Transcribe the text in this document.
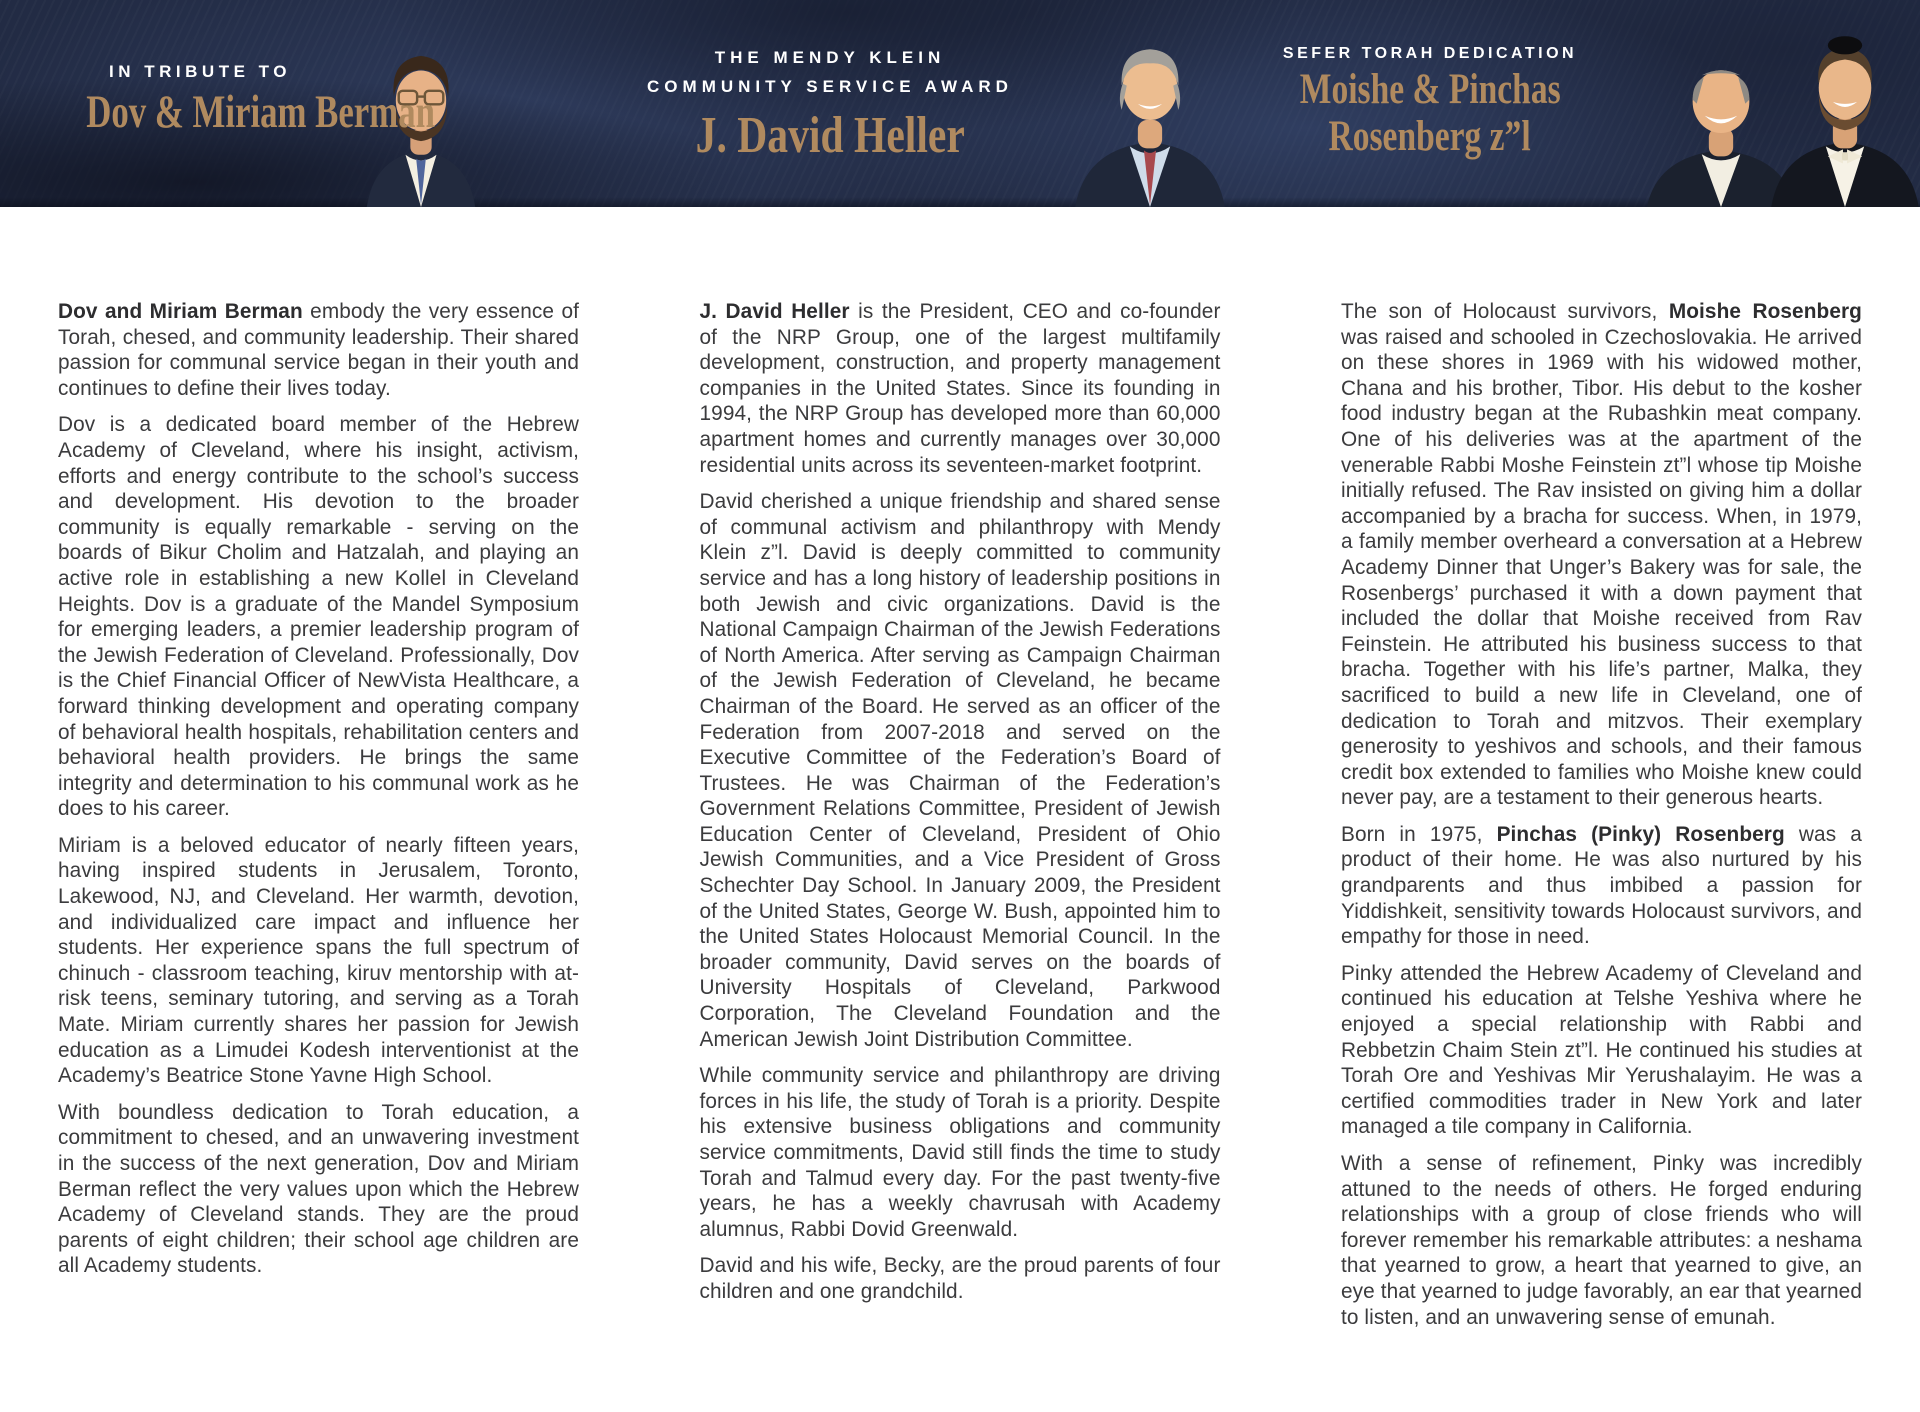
IN TRIBUTE TO
Dov & Miriam Berman
THE MENDY KLEIN
COMMUNITY SERVICE AWARD
J. David Heller
SEFER TORAH DEDICATION
Moishe & Pinchas
Rosenberg z”l

Dov and Miriam Berman embody the very essence of Torah, chesed, and community leadership. Their shared passion for communal service began in their youth and continues to define their lives today.

Dov is a dedicated board member of the Hebrew Academy of Cleveland, where his insight, activism, efforts and energy contribute to the school’s success and development. His devotion to the broader community is equally remarkable - serving on the boards of Bikur Cholim and Hatzalah, and playing an active role in establishing a new Kollel in Cleveland Heights. Dov is a graduate of the Mandel Symposium for emerging leaders, a premier leadership program of the Jewish Federation of Cleveland. Professionally, Dov is the Chief Financial Officer of NewVista Healthcare, a forward thinking development and operating company of behavioral health hospitals, rehabilitation centers and behavioral health providers. He brings the same integrity and determination to his communal work as he does to his career.

Miriam is a beloved educator of nearly fifteen years, having inspired students in Jerusalem, Toronto, Lakewood, NJ, and Cleveland. Her warmth, devotion, and individualized care impact and influence her students. Her experience spans the full spectrum of chinuch - classroom teaching, kiruv mentorship with at-risk teens, seminary tutoring, and serving as a Torah Mate. Miriam currently shares her passion for Jewish education as a Limudei Kodesh interventionist at the Academy’s Beatrice Stone Yavne High School.

With boundless dedication to Torah education, a commitment to chesed, and an unwavering investment in the success of the next generation, Dov and Miriam Berman reflect the very values upon which the Hebrew Academy of Cleveland stands. They are the proud parents of eight children; their school age children are all Academy students.

J. David Heller is the President, CEO and co-founder of the NRP Group, one of the largest multifamily development, construction, and property management companies in the United States. Since its founding in 1994, the NRP Group has developed more than 60,000 apartment homes and currently manages over 30,000 residential units across its seventeen-market footprint.

David cherished a unique friendship and shared sense of communal activism and philanthropy with Mendy Klein z”l. David is deeply committed to community service and has a long history of leadership positions in both Jewish and civic organizations. David is the National Campaign Chairman of the Jewish Federations of North America. After serving as Campaign Chairman of the Jewish Federation of Cleveland, he became Chairman of the Board. He served as an officer of the Federation from 2007-2018 and served on the Executive Committee of the Federation’s Board of Trustees. He was Chairman of the Federation’s Government Relations Committee, President of Jewish Education Center of Cleveland, President of Ohio Jewish Communities, and a Vice President of Gross Schechter Day School. In January 2009, the President of the United States, George W. Bush, appointed him to the United States Holocaust Memorial Council. In the broader community, David serves on the boards of University Hospitals of Cleveland, Parkwood Corporation, The Cleveland Foundation and the American Jewish Joint Distribution Committee.

While community service and philanthropy are driving forces in his life, the study of Torah is a priority. Despite his extensive business obligations and community service commitments, David still finds the time to study Torah and Talmud every day. For the past twenty-five years, he has a weekly chavrusah with Academy alumnus, Rabbi Dovid Greenwald.

David and his wife, Becky, are the proud parents of four children and one grandchild.

The son of Holocaust survivors, Moishe Rosenberg was raised and schooled in Czechoslovakia. He arrived on these shores in 1969 with his widowed mother, Chana and his brother, Tibor. His debut to the kosher food industry began at the Rubashkin meat company. One of his deliveries was at the apartment of the venerable Rabbi Moshe Feinstein zt”l whose tip Moishe initially refused. The Rav insisted on giving him a dollar accompanied by a bracha for success. When, in 1979, a family member overheard a conversation at a Hebrew Academy Dinner that Unger’s Bakery was for sale, the Rosenbergs’ purchased it with a down payment that included the dollar that Moishe received from Rav Feinstein. He attributed his business success to that bracha. Together with his life’s partner, Malka, they sacrificed to build a new life in Cleveland, one of dedication to Torah and mitzvos. Their exemplary generosity to yeshivos and schools, and their famous credit box extended to families who Moishe knew could never pay, are a testament to their generous hearts.

Born in 1975, Pinchas (Pinky) Rosenberg was a product of their home. He was also nurtured by his grandparents and thus imbibed a passion for Yiddishkeit, sensitivity towards Holocaust survivors, and empathy for those in need.

Pinky attended the Hebrew Academy of Cleveland and continued his education at Telshe Yeshiva where he enjoyed a special relationship with Rabbi and Rebbetzin Chaim Stein zt”l. He continued his studies at Torah Ore and Yeshivas Mir Yerushalayim. He was a certified commodities trader in New York and later managed a tile company in California.

With a sense of refinement, Pinky was incredibly attuned to the needs of others. He forged enduring relationships with a group of close friends who will forever remember his remarkable attributes: a neshama that yearned to grow, a heart that yearned to give, an eye that yearned to judge favorably, an ear that yearned to listen, and an unwavering sense of emunah.
